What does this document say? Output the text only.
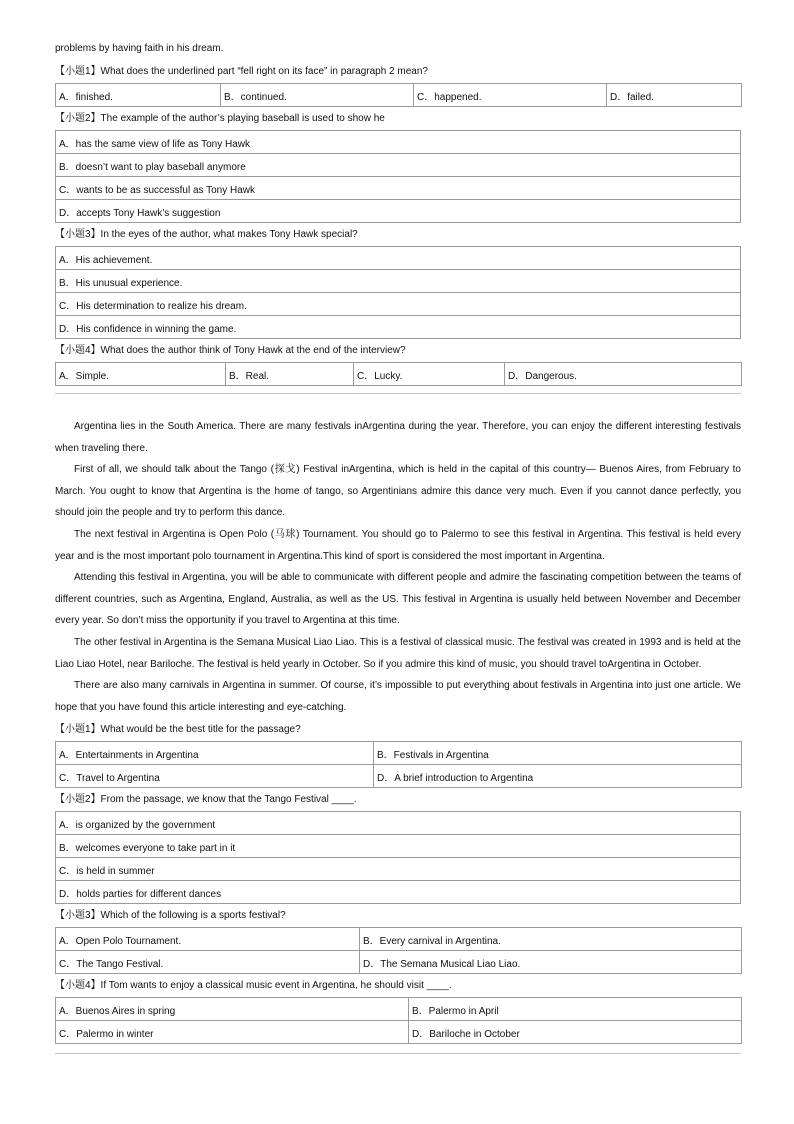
problems by having faith in his dream.
【小题1】What does the underlined part “fell right on its face” in paragraph 2 mean?
A．finished.	B．continued.	C．happened.	D．failed.
【小题2】The example of the author’s playing baseball is used to show he
A．has the same view of life as Tony Hawk
B．doesn’t want to play baseball anymore
C．wants to be as successful as Tony Hawk
D．accepts Tony Hawk’s suggestion
【小题3】In the eyes of the author, what makes Tony Hawk special?
A．His achievement.
B．His unusual experience.
C．His determination to realize his dream.
D．His confidence in winning the game.
【小题4】What does the author think of Tony Hawk at the end of the interview?
A．Simple.	B．Real.	C．Lucky.	D．Dangerous.
Argentina lies in the South America. There are many festivals inArgentina during the year. Therefore, you can enjoy the different interesting festivals when traveling there.
First of all, we should talk about the Tango (探戈) Festival inArgentina, which is held in the capital of this country— Buenos Aires, from February to March. You ought to know that Argentina is the home of tango, so Argentinians admire this dance very much. Even if you cannot dance perfectly, you should join the people and try to perform this dance.
The next festival in Argentina is Open Polo (马球) Tournament. You should go to Palermo to see this festival in Argentina. This festival is held every year and is the most important polo tournament in Argentina.This kind of sport is considered the most important in Argentina.
Attending this festival in Argentina, you will be able to communicate with different people and admire the fascinating competition between the teams of different countries, such as Argentina, England, Australia, as well as the US. This festival in Argentina is usually held between November and December every year. So don’t miss the opportunity if you travel to Argentina at this time.
The other festival in Argentina is the Semana Musical Liao Liao. This is a festival of classical music. The festival was created in 1993 and is held at the Liao Liao Hotel, near Bariloche. The festival is held yearly in October. So if you admire this kind of music, you should travel toArgentina in October.
There are also many carnivals in Argentina in summer. Of course, it’s impossible to put everything about festivals in Argentina into just one article. We hope that you have found this article interesting and eye-catching.
【小题1】What would be the best title for the passage?
A．Entertainments in Argentina	B．Festivals in Argentina
C．Travel to Argentina	D．A brief introduction to Argentina
【小题2】From the passage, we know that the Tango Festival ____.
A．is organized by the government
B．welcomes everyone to take part in it
C．is held in summer
D．holds parties for different dances
【小题3】Which of the following is a sports festival?
A．Open Polo Tournament.	B．Every carnival in Argentina.
C．The Tango Festival.	D．The Semana Musical Liao Liao.
【小题4】If Tom wants to enjoy a classical music event in Argentina, he should visit ____.
A．Buenos Aires in spring	B．Palermo in April
C．Palermo in winter	D．Bariloche in October
